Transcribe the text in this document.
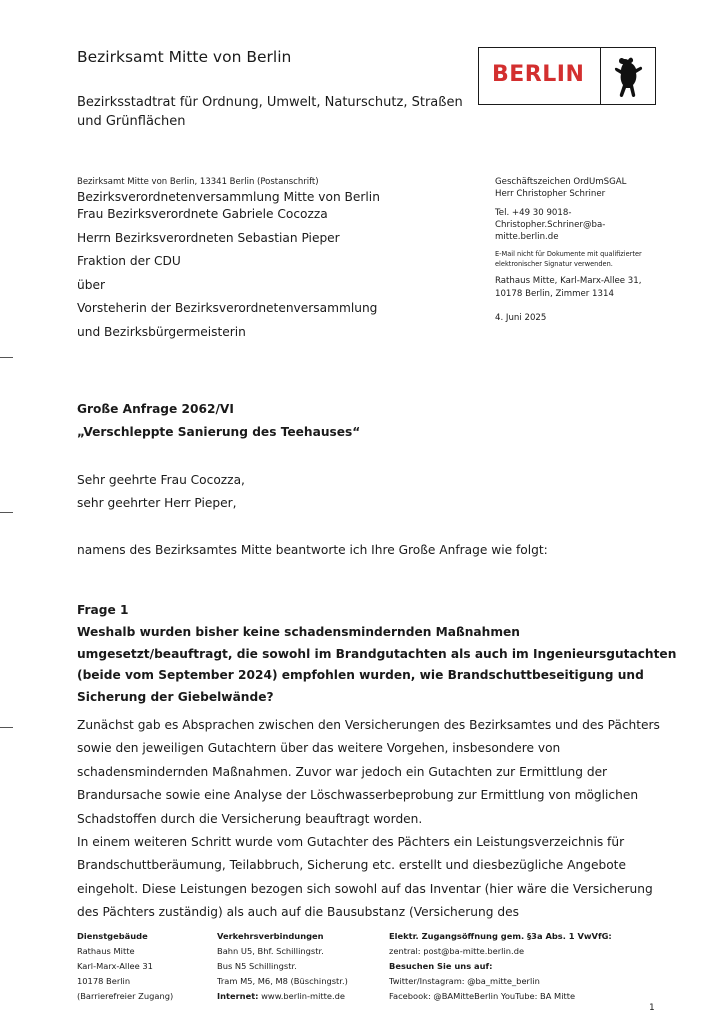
Bezirksamt Mitte von Berlin
Bezirksstadtrat für Ordnung, Umwelt, Naturschutz, Straßen und Grünflächen
BERLIN
Bezirksamt Mitte von Berlin, 13341 Berlin (Postanschrift)
Bezirksverordnetenversammlung Mitte von Berlin
Frau Bezirksverordnete Gabriele Cocozza
Herrn Bezirksverordneten Sebastian Pieper
Fraktion der CDU
über
Vorsteherin der Bezirksverordnetenversammlung
und Bezirksbürgermeisterin
Geschäftszeichen OrdUmSGAL
Herr Christopher Schriner
Tel. +49 30 9018-
Christopher.Schriner@ba-
mitte.berlin.de
E-Mail nicht für Dokumente mit qualifizierter
elektronischer Signatur verwenden.
Rathaus Mitte, Karl-Marx-Allee 31,
10178 Berlin, Zimmer 1314
4. Juni 2025
Große Anfrage 2062/VI
„Verschleppte Sanierung des Teehauses“
Sehr geehrte Frau Cocozza,
sehr geehrter Herr Pieper,
namens des Bezirksamtes Mitte beantworte ich Ihre Große Anfrage wie folgt:
Frage 1
Weshalb wurden bisher keine schadensmindernden Maßnahmen umgesetzt/beauftragt, die sowohl im Brandgutachten als auch im Ingenieursgutachten (beide vom September 2024) empfohlen wurden, wie Brandschuttbeseitigung und Sicherung der Giebelwände?

Zunächst gab es Absprachen zwischen den Versicherungen des Bezirksamtes und des Pächters sowie den jeweiligen Gutachtern über das weitere Vorgehen, insbesondere von schadensmindernden Maßnahmen. Zuvor war jedoch ein Gutachten zur Ermittlung der Brandursache sowie eine Analyse der Löschwasserbeprobung zur Ermittlung von möglichen Schadstoffen durch die Versicherung beauftragt worden.

In einem weiteren Schritt wurde vom Gutachter des Pächters ein Leistungsverzeichnis für Brandschuttberäumung, Teilabbruch, Sicherung etc. erstellt und diesbezügliche Angebote eingeholt. Diese Leistungen bezogen sich sowohl auf das Inventar (hier wäre die Versicherung des Pächters zuständig) als auch auf die Bausubstanz (Versicherung des

Dienstgebäude
Rathaus Mitte
Karl-Marx-Allee 31
10178 Berlin
(Barrierefreier Zugang)
Verkehrsverbindungen
Bahn U5, Bhf. Schillingstr.
Bus N5 Schillingstr.
Tram M5, M6, M8 (Büschingstr.)
Internet: www.berlin-mitte.de
Elektr. Zugangsöffnung gem. §3a Abs. 1 VwVfG:
zentral: post@ba-mitte.berlin.de
Besuchen Sie uns auf:
Twitter/Instagram: @ba_mitte_berlin
Facebook: @BAMitteBerlin YouTube: BA Mitte
1
